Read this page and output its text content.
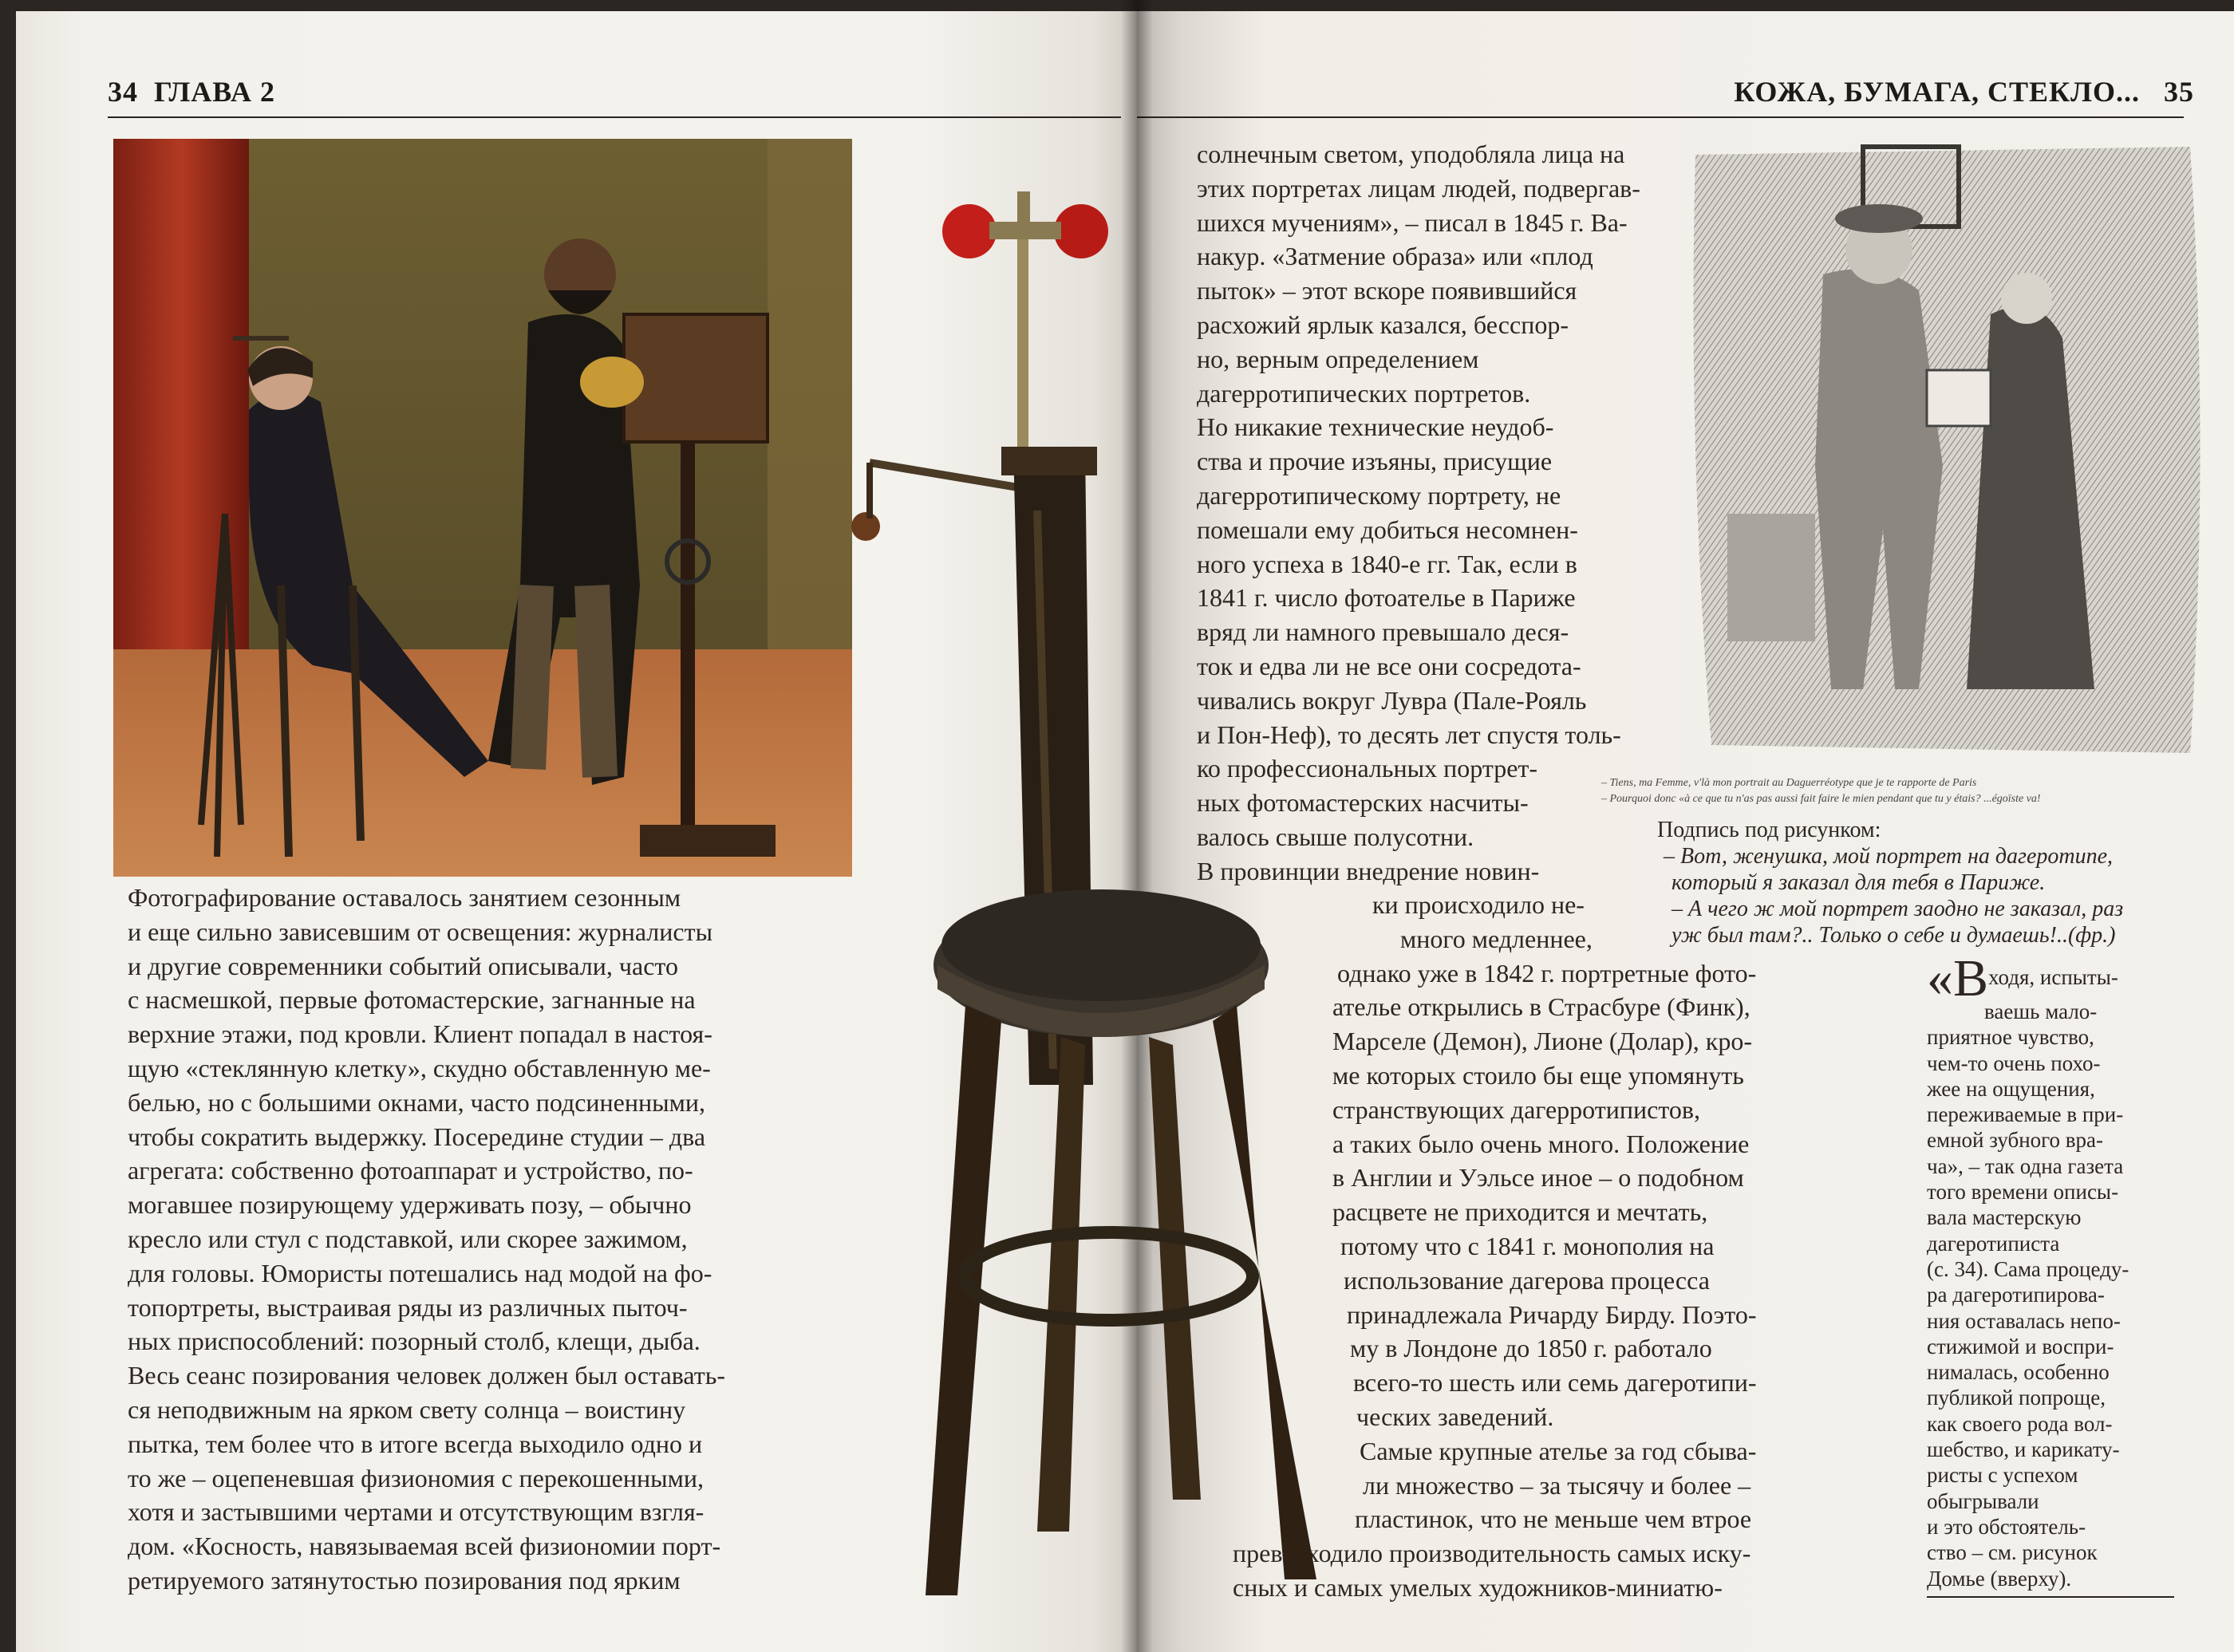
34 ГЛАВА 2
Фотографирование оставалось занятием сезонным
и еще сильно зависевшим от освещения: журналисты
и другие современники событий описывали, часто
с насмешкой, первые фотомастерские, загнанные на
верхние этажи, под кровли. Клиент попадал в настоя-
щую «стеклянную клетку», скудно обставленную ме-
белью, но с большими окнами, часто подсиненными,
чтобы сократить выдержку. Посередине студии – два
агрегата: собственно фотоаппарат и устройство, по-
могавшее позирующему удерживать позу, – обычно
кресло или стул с подставкой, или скорее зажимом,
для головы. Юмористы потешались над модой на фо-
топортреты, выстраивая ряды из различных пыточ-
ных приспособлений: позорный столб, клещи, дыба.
Весь сеанс позирования человек должен был оставать-
ся неподвижным на ярком свету солнца – воистину
пытка, тем более что в итоге всегда выходило одно и
то же – оцепеневшая физиономия с перекошенными,
хотя и застывшими чертами и отсутствующим взгля-
дом. «Косность, навязываемая всей физиономии порт-
ретируемого затянутостью позирования под ярким
КОЖА, БУМАГА, СТЕКЛО... 35
– Tiens, ma Femme, v'là mon portrait au Daguerréotype que je te rapporte de Paris
– Pourquoi donc «à ce que tu n'as pas aussi fait faire le mien pendant que tu y étais? ...égoïste va!
Подпись под рисунком:
– Вот, женушка, мой портрет на дагеротипе,
который я заказал для тебя в Париже.
– А чего ж мой портрет заодно не заказал, раз
уж был там?.. Только о себе и думаешь!..(фр.)
солнечным светом, уподобляла лица на
этих портретах лицам людей, подвергав-
шихся мучениям», – писал в 1845 г. Ва-
накур. «Затмение образа» или «плод
пыток» – этот вскоре появившийся
расхожий ярлык казался, бесспор-
но, верным определением
дагерротипических портретов.
Но никакие технические неудоб-
ства и прочие изъяны, присущие
дагерротипическому портрету, не
помешали ему добиться несомнен-
ного успеха в 1840-е гг. Так, если в
1841 г. число фотоателье в Париже
вряд ли намного превышало деся-
ток и едва ли не все они сосредота-
чивались вокруг Лувра (Пале-Рояль
и Пон-Неф), то десять лет спустя толь-
ко профессиональных портрет-
ных фотомастерских насчиты-
валось свыше полусотни.
В провинции внедрение новин-
ки происходило не-
много медленнее,
однако уже в 1842 г. портретные фото-
ателье открылись в Страсбуре (Финк),
Марселе (Демон), Лионе (Долар), кро-
ме которых стоило бы еще упомянуть
странствующих дагерротипистов,
а таких было очень много. Положение
в Англии и Уэльсе иное – о подобном
расцвете не приходится и мечтать,
потому что с 1841 г. монополия на
использование дагерова процесса
принадлежала Ричарду Бирду. Поэто-
му в Лондоне до 1850 г. работало
всего-то шесть или семь дагеротипи-
ческих заведений.
Самые крупные ателье за год сбыва-
ли множество – за тысячу и более –
пластинок, что не меньше чем втрое
превосходило производительность самых иску-
сных и самых умелых художников-миниатю-
«Входя, испыты-
ваешь мало-
приятное чувство,
чем-то очень похо-
жее на ощущения,
переживаемые в при-
емной зубного вра-
ча», – так одна газета
того времени описы-
вала мастерскую
дагеротиписта
(с. 34). Сама процеду-
ра дагеротипирова-
ния оставалась непо-
стижимой и воспри-
нималась, особенно
публикой попроще,
как своего рода вол-
шебство, и карикату-
ристы с успехом
обыгрывали
и это обстоятель-
ство – см. рисунок
Домье (вверху).
